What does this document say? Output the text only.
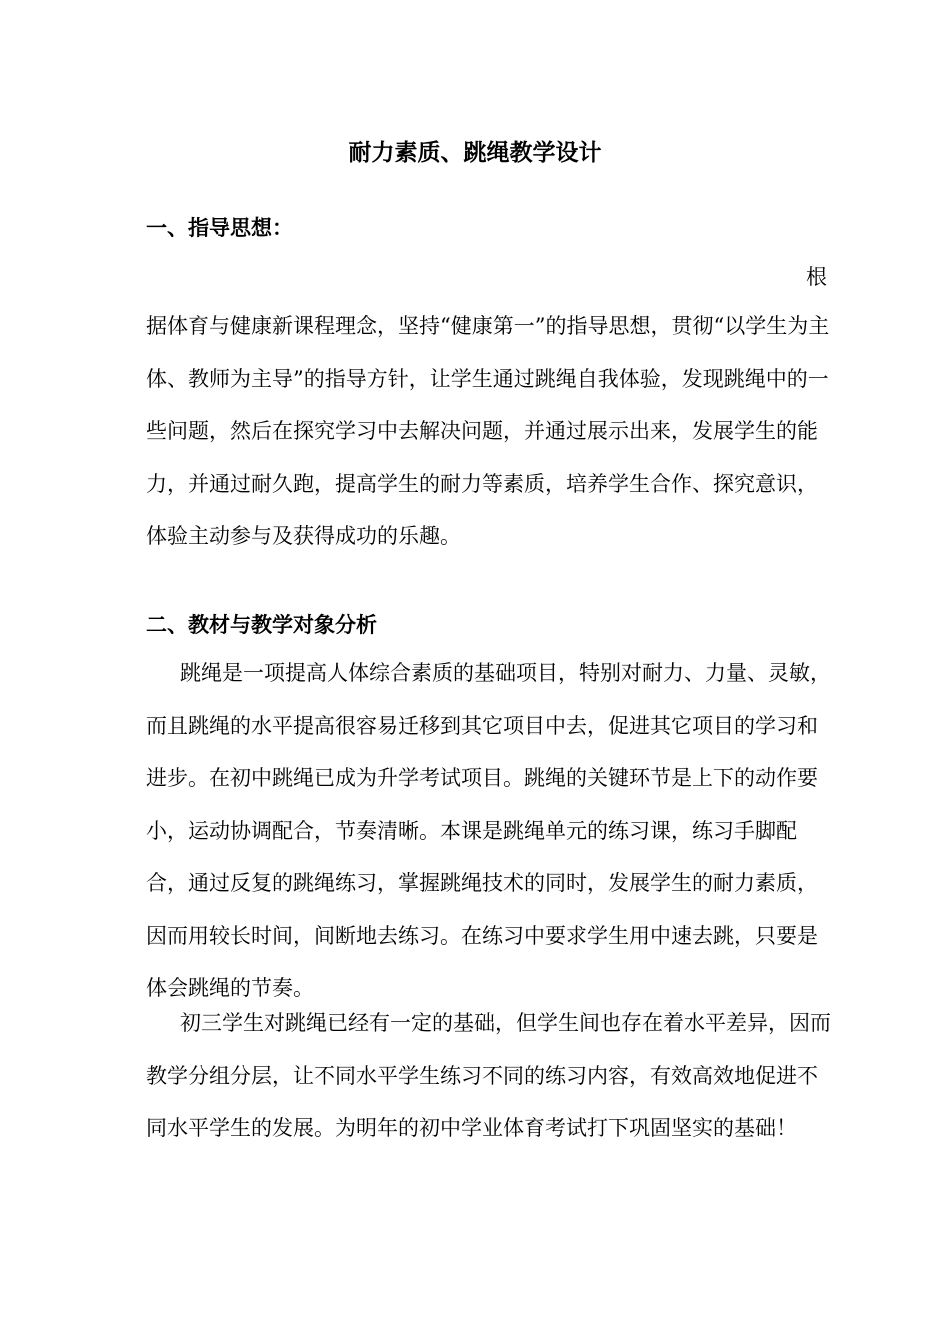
耐力素质、跳绳教学设计
一、指导思想：
根

据体育与健康新课程理念，坚持“健康第一”的指导思想，贯彻“以学生为主体、教师为主导”的指导方针，让学生通过跳绳自我体验，发现跳绳中的一些问题，然后在探究学习中去解决问题，并通过展示出来，发展学生的能力，并通过耐久跑，提高学生的耐力等素质，培养学生合作、探究意识，体验主动参与及获得成功的乐趣。

二、教材与教学对象分析

跳绳是一项提高人体综合素质的基础项目，特别对耐力、力量、灵敏，而且跳绳的水平提高很容易迁移到其它项目中去，促进其它项目的学习和进步。在初中跳绳已成为升学考试项目。跳绳的关键环节是上下的动作要小，运动协调配合，节奏清晰。本课是跳绳单元的练习课，练习手脚配合，通过反复的跳绳练习，掌握跳绳技术的同时，发展学生的耐力素质，因而用较长时间，间断地去练习。在练习中要求学生用中速去跳，只要是体会跳绳的节奏。

初三学生对跳绳已经有一定的基础，但学生间也存在着水平差异，因而教学分组分层，让不同水平学生练习不同的练习内容，有效高效地促进不同水平学生的发展。为明年的初中学业体育考试打下巩固坚实的基础！
